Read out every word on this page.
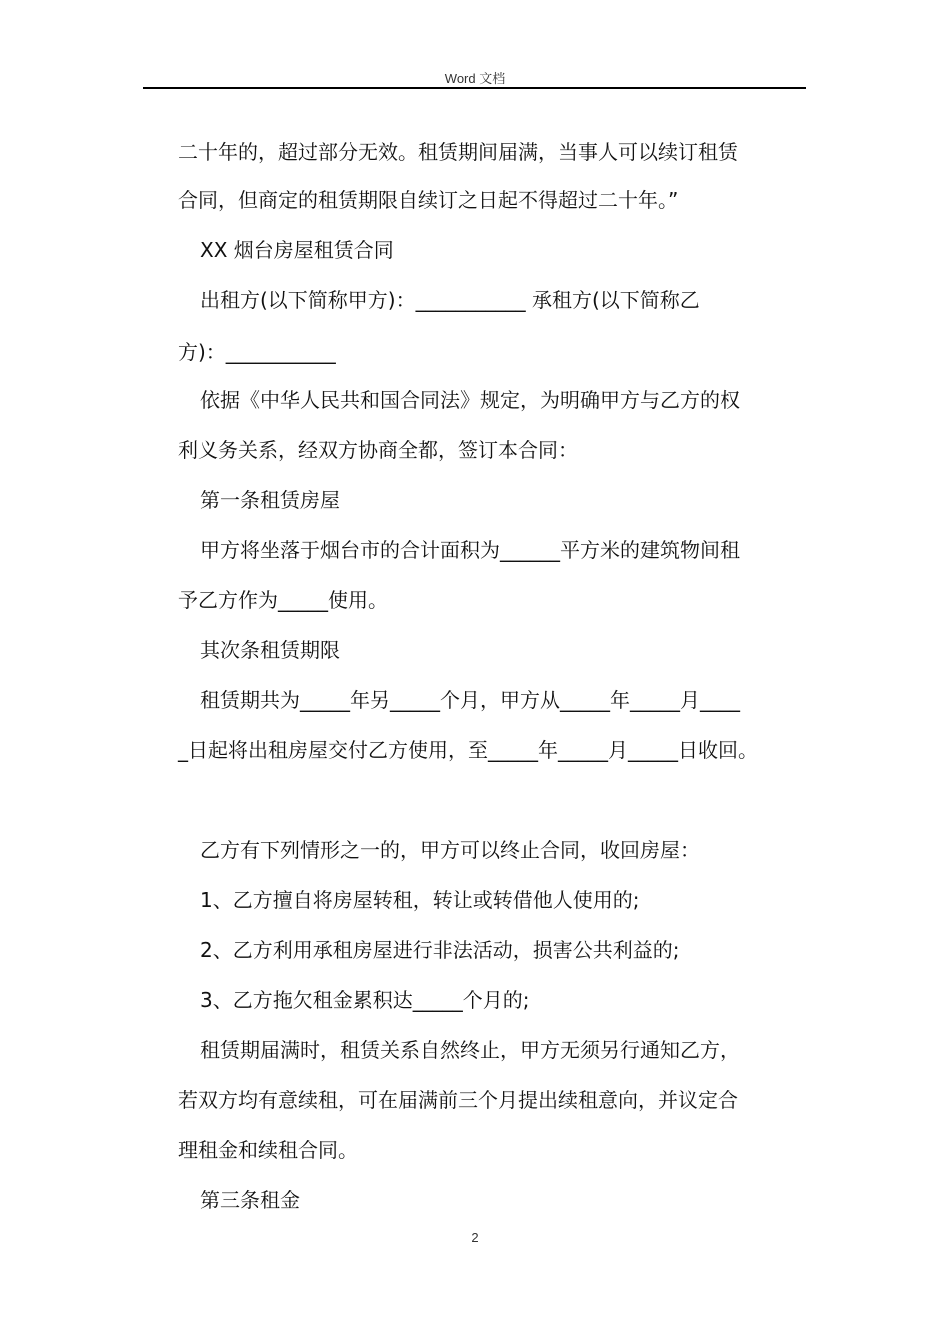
Word 文档
二十年的，超过部分无效。租赁期间届满，当事人可以续订租赁
合同，但商定的租赁期限自续订之日起不得超过二十年。”
XX 烟台房屋租赁合同
出租方(以下简称甲方)：___________ 承租方(以下简称乙
方)：___________
依据《中华人民共和国合同法》规定，为明确甲方与乙方的权
利义务关系，经双方协商全都，签订本合同：
第一条租赁房屋
甲方将坐落于烟台市的合计面积为______平方米的建筑物间租
予乙方作为_____使用。
其次条租赁期限
租赁期共为_____年另_____个月，甲方从_____年_____月____
_日起将出租房屋交付乙方使用，至_____年_____月_____日收回。
乙方有下列情形之一的，甲方可以终止合同，收回房屋：
1、乙方擅自将房屋转租，转让或转借他人使用的;
2、乙方利用承租房屋进行非法活动，损害公共利益的;
3、乙方拖欠租金累积达_____个月的;
租赁期届满时，租赁关系自然终止，甲方无须另行通知乙方，
若双方均有意续租，可在届满前三个月提出续租意向，并议定合
理租金和续租合同。
第三条租金
2
